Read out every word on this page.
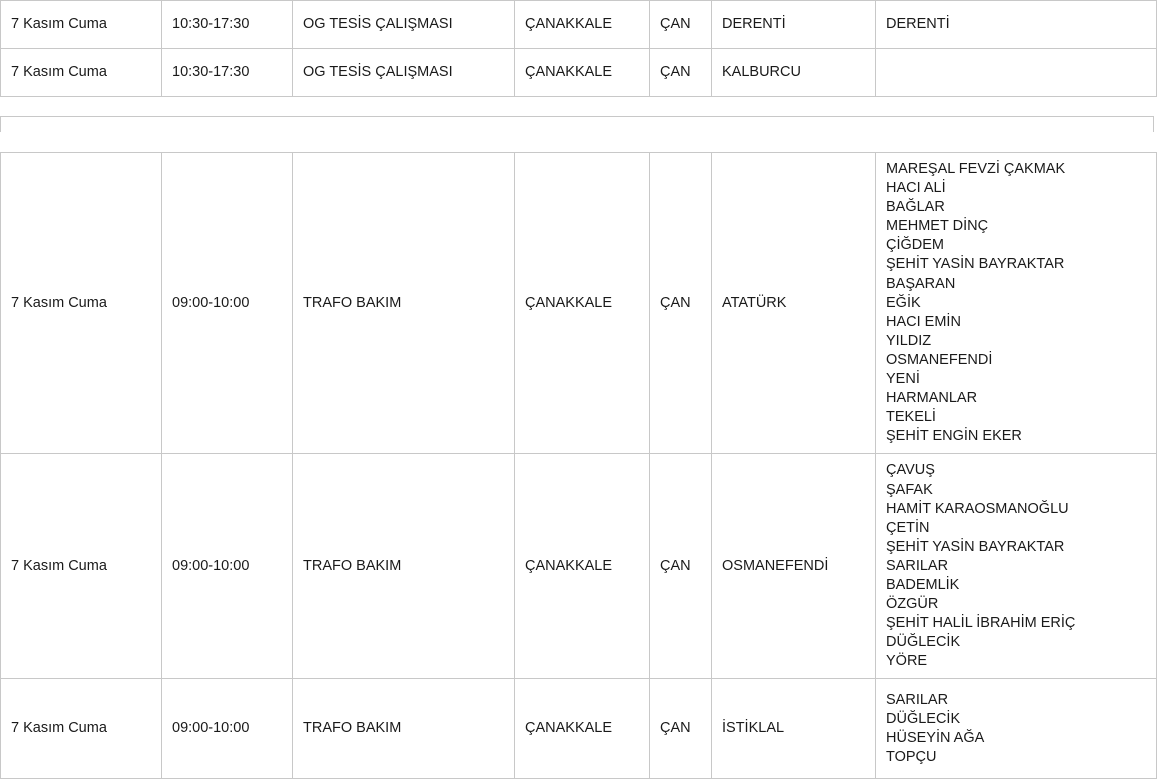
7 Kasım Cuma	10:30-17:30	OG TESİS ÇALIŞMASI	ÇANAKKALE	ÇAN	DERENTİ	DERENTİ
7 Kasım Cuma	10:30-17:30	OG TESİS ÇALIŞMASI	ÇANAKKALE	ÇAN	KALBURCU	
7 Kasım Cuma	09:00-10:00	TRAFO BAKIM	ÇANAKKALE	ÇAN	ATATÜRK	
MAREŞAL FEVZİ ÇAKMAK
HACI ALİ
BAĞLAR
MEHMET DİNÇ
ÇİĞDEM
ŞEHİT YASİN BAYRAKTAR
BAŞARAN
EĞİK
HACI EMİN
YILDIZ
OSMANEFENDİ
YENİ
HARMANLAR
TEKELİ
ŞEHİT ENGİN EKER

7 Kasım Cuma	09:00-10:00	TRAFO BAKIM	ÇANAKKALE	ÇAN	OSMANEFENDİ	
ÇAVUŞ
ŞAFAK
HAMİT KARAOSMANOĞLU
ÇETİN
ŞEHİT YASİN BAYRAKTAR
SARILAR
BADEMLİK
ÖZGÜR
ŞEHİT HALİL İBRAHİM ERİÇ
DÜĞLECİK
YÖRE

7 Kasım Cuma	09:00-10:00	TRAFO BAKIM	ÇANAKKALE	ÇAN	İSTİKLAL	SARILAR
DÜĞLECİK
HÜSEYİN AĞA
TOPÇU
